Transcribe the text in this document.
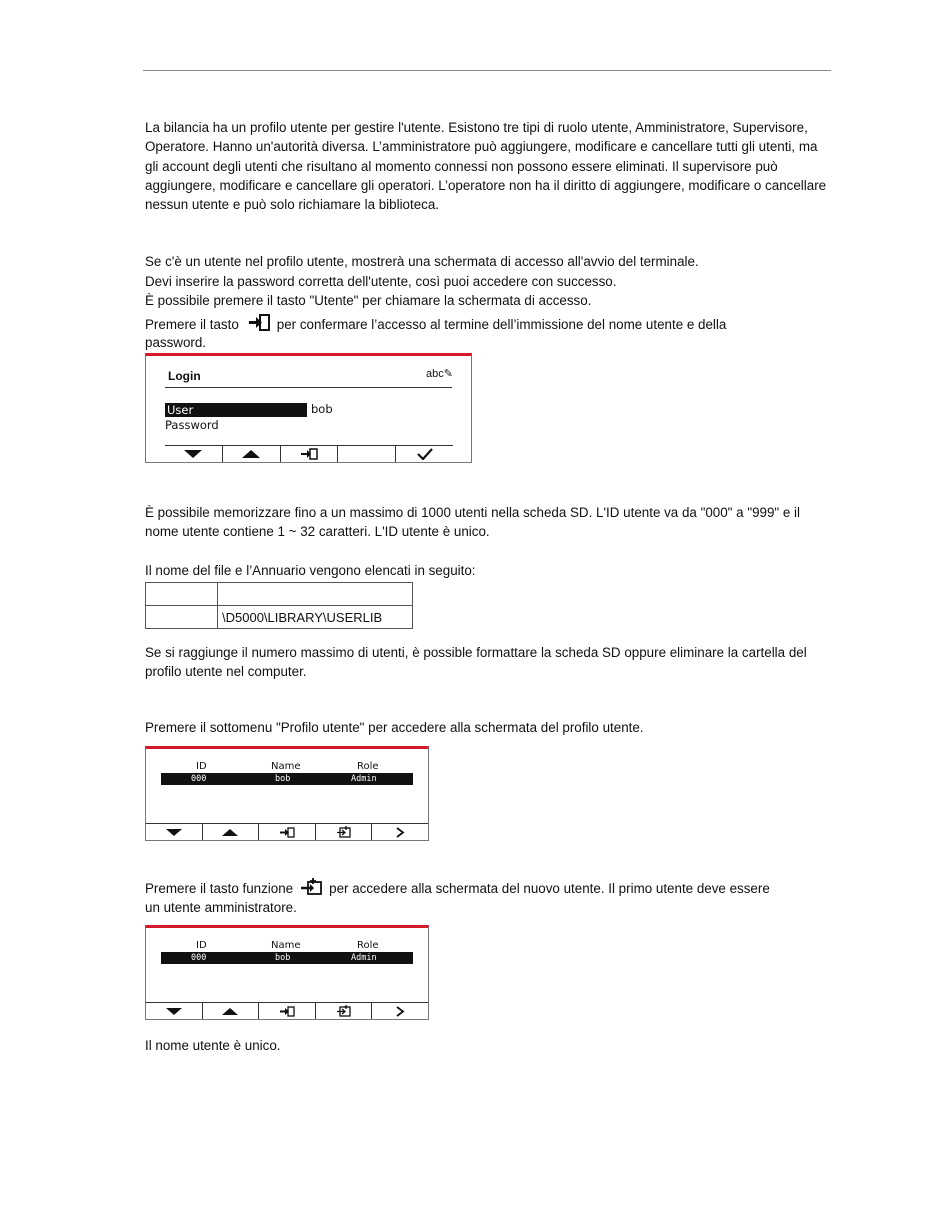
La bilancia ha un profilo utente per gestire l'utente. Esistono tre tipi di ruolo utente, Amministratore, Supervisore, Operatore. Hanno un'autorità diversa. L’amministratore può aggiungere, modificare e cancellare tutti gli utenti, ma gli account degli utenti che risultano al momento connessi non possono essere eliminati. Il supervisore può aggiungere, modificare e cancellare gli operatori. L’operatore non ha il diritto di aggiungere, modificare o cancellare nessun utente e può solo richiamare la biblioteca.

Se c'è un utente nel profilo utente, mostrerà una schermata di accesso all'avvio del terminale.

Devi inserire la password corretta dell'utente, così puoi accedere con successo.

È possibile premere il tasto "Utente" per chiamare la schermata di accesso.

Premere il tasto	per confermare l’accesso al termine dell’immissione del nome utente e della

password.

Login	abc✎
User	bob
Password

È possibile memorizzare fino a un massimo di 1000 utenti nella scheda SD. L'ID utente va da "000" a "999" e il nome utente contiene 1 ~ 32 caratteri. L'ID utente è unico.

Il nome del file e l’Annuario vengono elencati in seguito:

	\D5000\LIBRARY\USERLIB

Se si raggiunge il numero massimo di utenti, è possible formattare la scheda SD oppure eliminare la cartella del profilo utente nel computer.

Premere il sottomenu "Profilo utente" per accedere alla schermata del profilo utente.

ID	Name	Role
000	bob	Admin

Premere il tasto funzione	per accedere alla schermata del nuovo utente. Il primo utente deve essere

un utente amministratore.

ID	Name	Role
000	bob	Admin

Il nome utente è unico.
